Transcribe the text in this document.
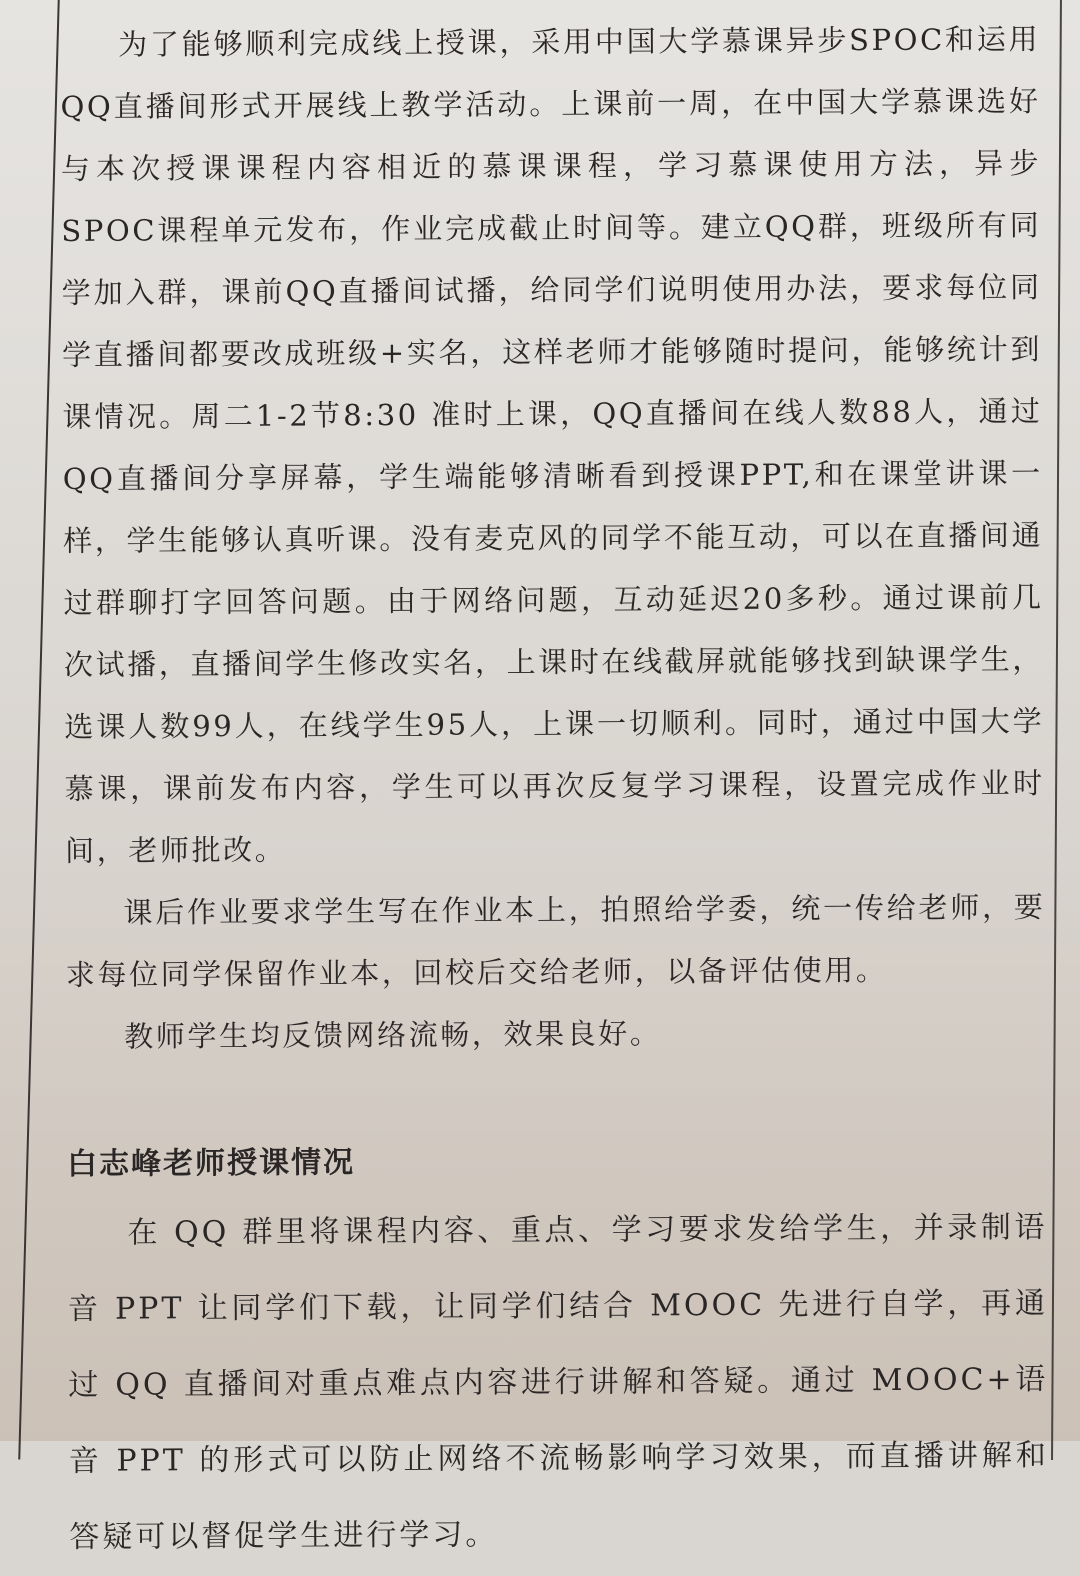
为了能够顺利完成线上授课，采用中国大学慕课异步SPOC和运用QQ直播间形式开展线上教学活动。上课前一周，在中国大学慕课选好与本次授课课程内容相近的慕课课程，学习慕课使用方法，异步SPOC课程单元发布，作业完成截止时间等。建立QQ群，班级所有同学加入群，课前QQ直播间试播，给同学们说明使用办法，要求每位同学直播间都要改成班级+实名，这样老师才能够随时提问，能够统计到课情况。周二1-2节8:30 准时上课，QQ直播间在线人数88人，通过QQ直播间分享屏幕，学生端能够清晰看到授课PPT,和在课堂讲课一样，学生能够认真听课。没有麦克风的同学不能互动，可以在直播间通过群聊打字回答问题。由于网络问题，互动延迟20多秒。通过课前几次试播，直播间学生修改实名，上课时在线截屏就能够找到缺课学生，选课人数99人，在线学生95人，上课一切顺利。同时，通过中国大学慕课，课前发布内容，学生可以再次反复学习课程，设置完成作业时间，老师批改。

课后作业要求学生写在作业本上，拍照给学委，统一传给老师，要求每位同学保留作业本，回校后交给老师，以备评估使用。

教师学生均反馈网络流畅，效果良好。

白志峰老师授课情况

在 QQ 群里将课程内容、重点、学习要求发给学生，并录制语音 PPT 让同学们下载，让同学们结合 MOOC 先进行自学，再通过 QQ 直播间对重点难点内容进行讲解和答疑。通过 MOOC+语音 PPT 的形式可以防止网络不流畅影响学习效果，而直播讲解和答疑可以督促学生进行学习。
